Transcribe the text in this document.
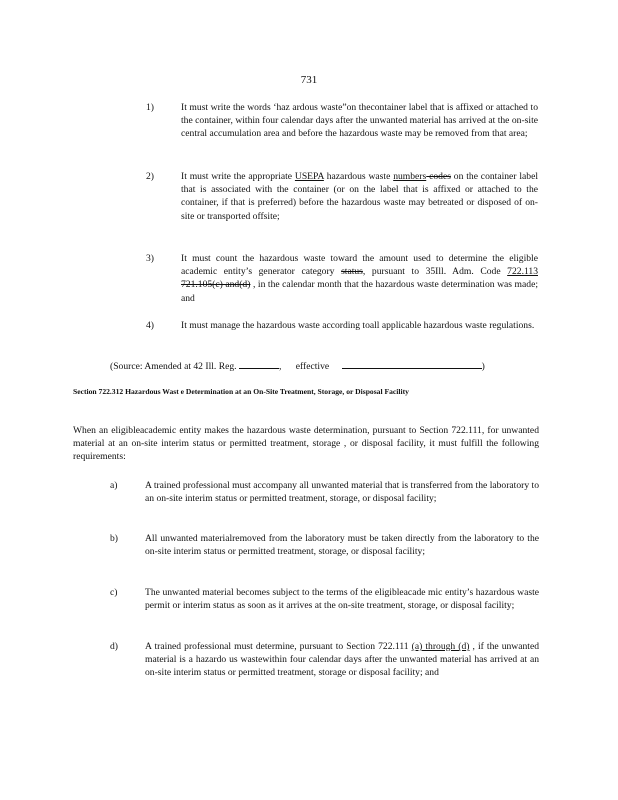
731
1)	It must write the words ‘haz ardous waste”on thecontainer label that is affixed or attached to the container, within four calendar days after the unwanted material has arrived at the on-site central accumulation area and before the hazardous waste may be removed from that area;
2)	It must write the appropriate USEPA hazardous waste numbers codes on the container label that is associated with the container (or on the label that is affixed or attached to the container, if that is preferred) before the hazardous waste may betreated or disposed of on-site or transported offsite;
3)	It must count the hazardous waste toward the amount used to determine the eligible academic entity’s generator category status, pursuant to 35Ill. Adm. Code 722.113 721.105(c) and(d) , in the calendar month that the hazardous waste determination was made; and
4)	It must manage the hazardous waste according toall applicable hazardous waste regulations.
(Source: Amended at 42 Ill. Reg.	, effective	)
Section 722.312 Hazardous Wast e Determination at an On-Site Treatment, Storage, or Disposal Facility
When an eligibleacademic entity makes the hazardous waste determination, pursuant to Section 722.111, for unwanted material at an on-site interim status or permitted treatment, storage , or disposal facility, it must fulfill the following requirements:
a)	A trained professional must accompany all unwanted material that is transferred from the laboratory to an on-site interim status or permitted treatment, storage, or disposal facility;
b)	All unwanted materialremoved from the laboratory must be taken directly from the laboratory to the on-site interim status or permitted treatment, storage, or disposal facility;
c)	The unwanted material becomes subject to the terms of the eligibleacade mic entity’s hazardous waste permit or interim status as soon as it arrives at the on-site treatment, storage, or disposal facility;
d)	A trained professional must determine, pursuant to Section 722.111 (a) through (d) , if the unwanted material is a hazardo us wastewithin four calendar days after the unwanted material has arrived at an on-site interim status or permitted treatment, storage or disposal facility; and
